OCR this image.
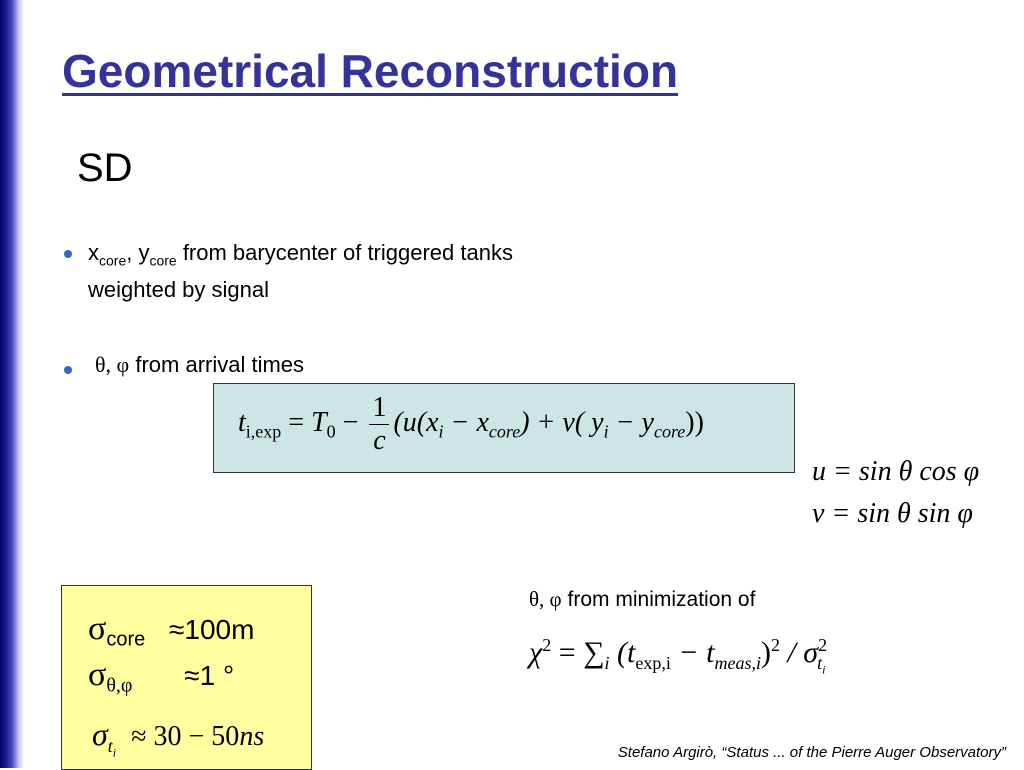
Geometrical Reconstruction
SD
$x_{core}$, $y_{core}$ from barycenter of triggered tanks
weighted by signal
θ, φ from arrival times
$t_{i,exp} = T_0 - \frac{1}{c} (u(x_i - x_{core}) + v$( $y_i - y_{core}$))
u = sin θ cos φ
v = sin θ sin φ
θ, φ from minimization of
$\chi^2 = \sum_i$ $(t_{exp,i} - t_{meas,i})^2 / \sigma^2_{t_i}$
$\sigma_{core} \approx 100m$
$\sigma_{\theta,\varphi} \approx 1$ °
$\sigma_{t_i} \approx 30 - 50ns$
Stefano Argirò, “Status ... of the Pierre Auger Observatory”
